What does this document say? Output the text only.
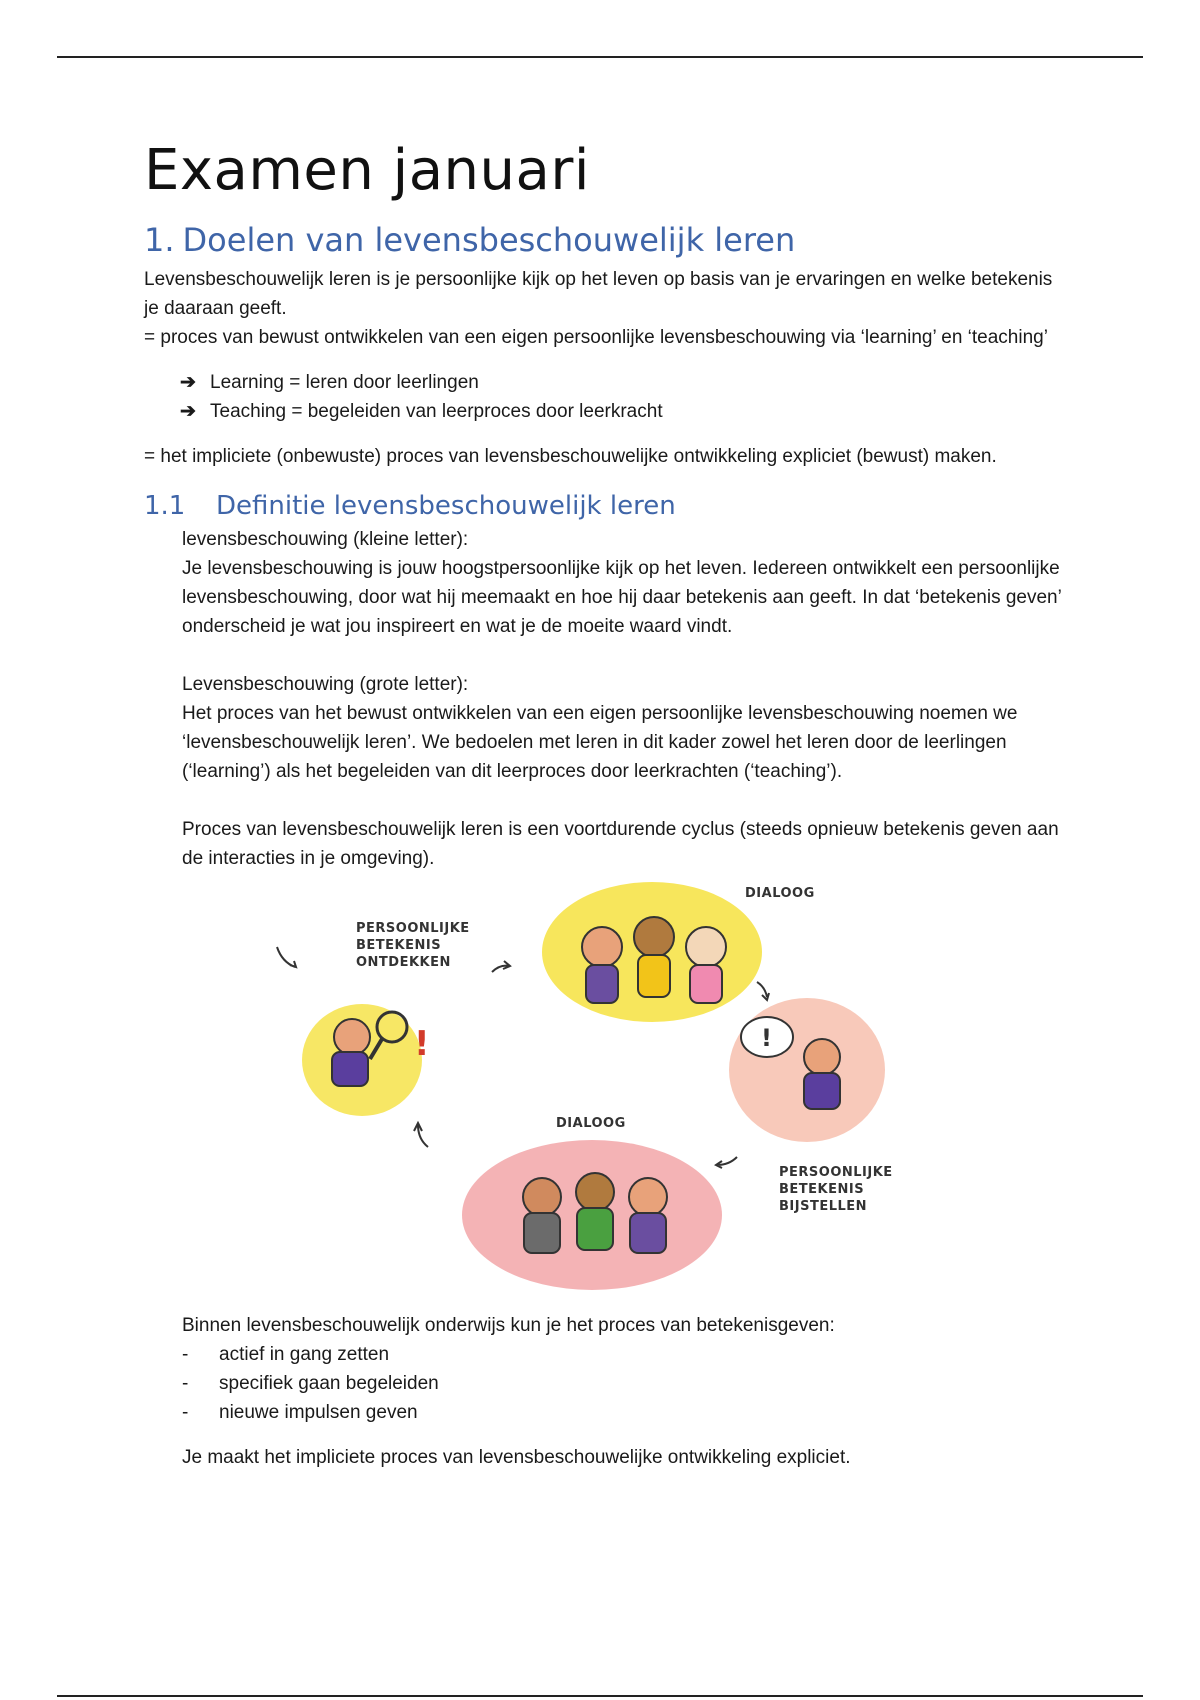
Examen januari
1. Doelen van levensbeschouwelijk leren

Levensbeschouwelijk leren is je persoonlijke kijk op het leven op basis van je ervaringen en welke betekenis je daaraan geeft.

= proces van bewust ontwikkelen van een eigen persoonlijke levensbeschouwing via ‘learning’ en ‘teaching’

➔ Learning = leren door leerlingen
➔ Teaching = begeleiden van leerproces door leerkracht

= het impliciete (onbewuste) proces van levensbeschouwelijke ontwikkeling expliciet (bewust) maken.

1.1 Definitie levensbeschouwelijk leren

levensbeschouwing (kleine letter):

Je levensbeschouwing is jouw hoogstpersoonlijke kijk op het leven. Iedereen ontwikkelt een persoonlijke levensbeschouwing, door wat hij meemaakt en hoe hij daar betekenis aan geeft. In dat ‘betekenis geven’ onderscheid je wat jou inspireert en wat je de moeite waard vindt.

Levensbeschouwing (grote letter):

Het proces van het bewust ontwikkelen van een eigen persoonlijke levensbeschouwing noemen we ‘levensbeschouwelijk leren’. We bedoelen met leren in dit kader zowel het leren door de leerlingen (‘learning’) als het begeleiden van dit leerproces door leerkrachten (‘teaching’).

Proces van levensbeschouwelijk leren is een voortdurende cyclus (steeds opnieuw betekenis geven aan de interacties in je omgeving).

!	!
PERSOONLIJKE
BETEKENIS
ONTDEKKEN
DIALOOG
DIALOOG
PERSOONLIJKE
BETEKENIS
BIJSTELLEN

Binnen levensbeschouwelijk onderwijs kun je het proces van betekenisgeven:

- actief in gang zetten
- specifiek gaan begeleiden
- nieuwe impulsen geven

Je maakt het impliciete proces van levensbeschouwelijke ontwikkeling expliciet.
